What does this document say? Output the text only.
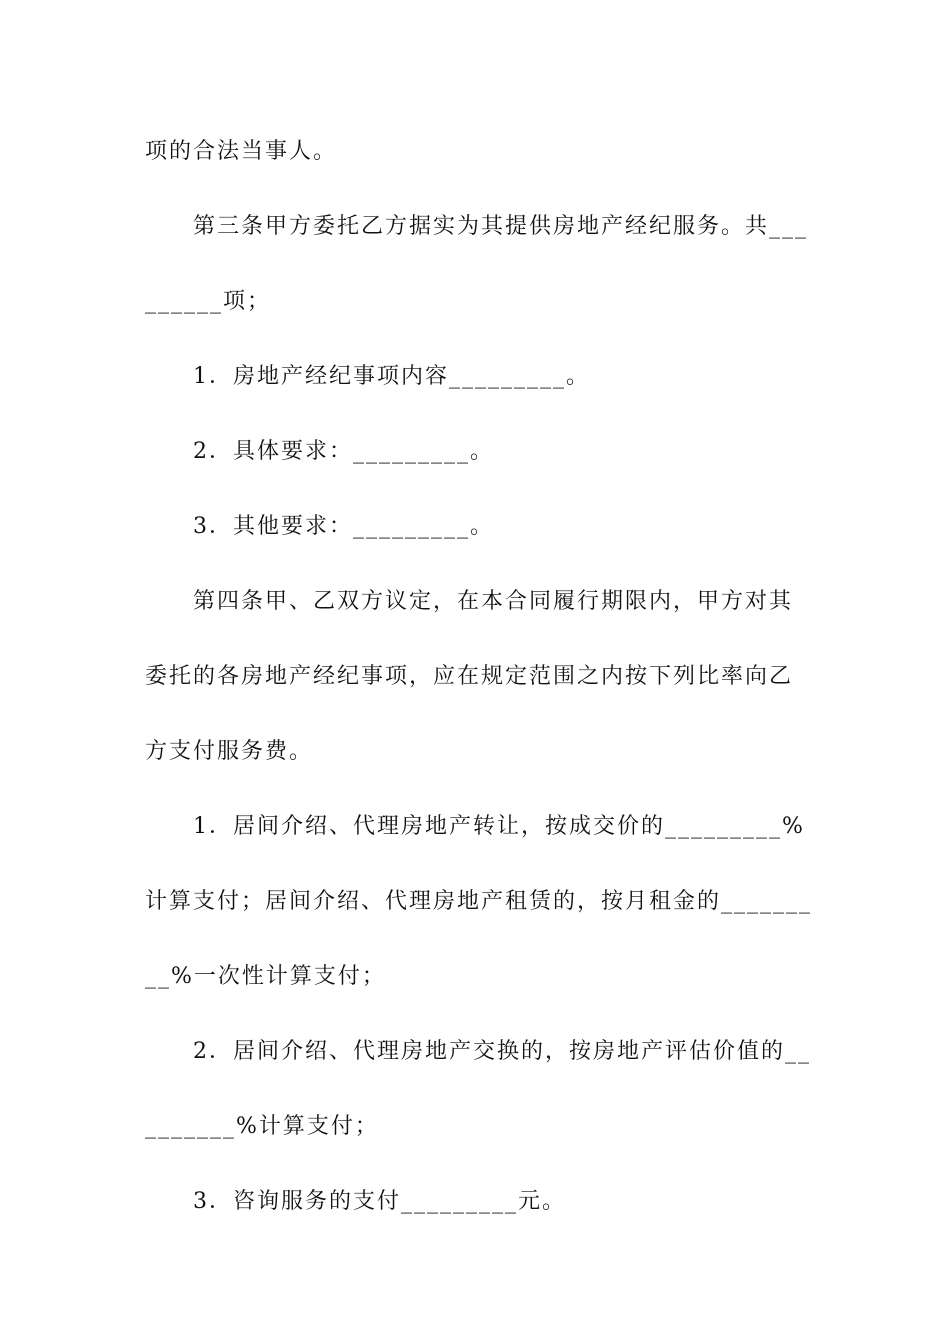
项的合法当事人。
第三条甲方委托乙方据实为其提供房地产经纪服务。共___
______项；
1．房地产经纪事项内容_________。
2．具体要求：_________。
3．其他要求：_________。
第四条甲、乙双方议定，在本合同履行期限内，甲方对其
委托的各房地产经纪事项，应在规定范围之内按下列比率向乙
方支付服务费。
1．居间介绍、代理房地产转让，按成交价的_________%
计算支付；居间介绍、代理房地产租赁的，按月租金的_______
__%一次性计算支付；
2．居间介绍、代理房地产交换的，按房地产评估价值的__
_______%计算支付；
3．咨询服务的支付_________元。
